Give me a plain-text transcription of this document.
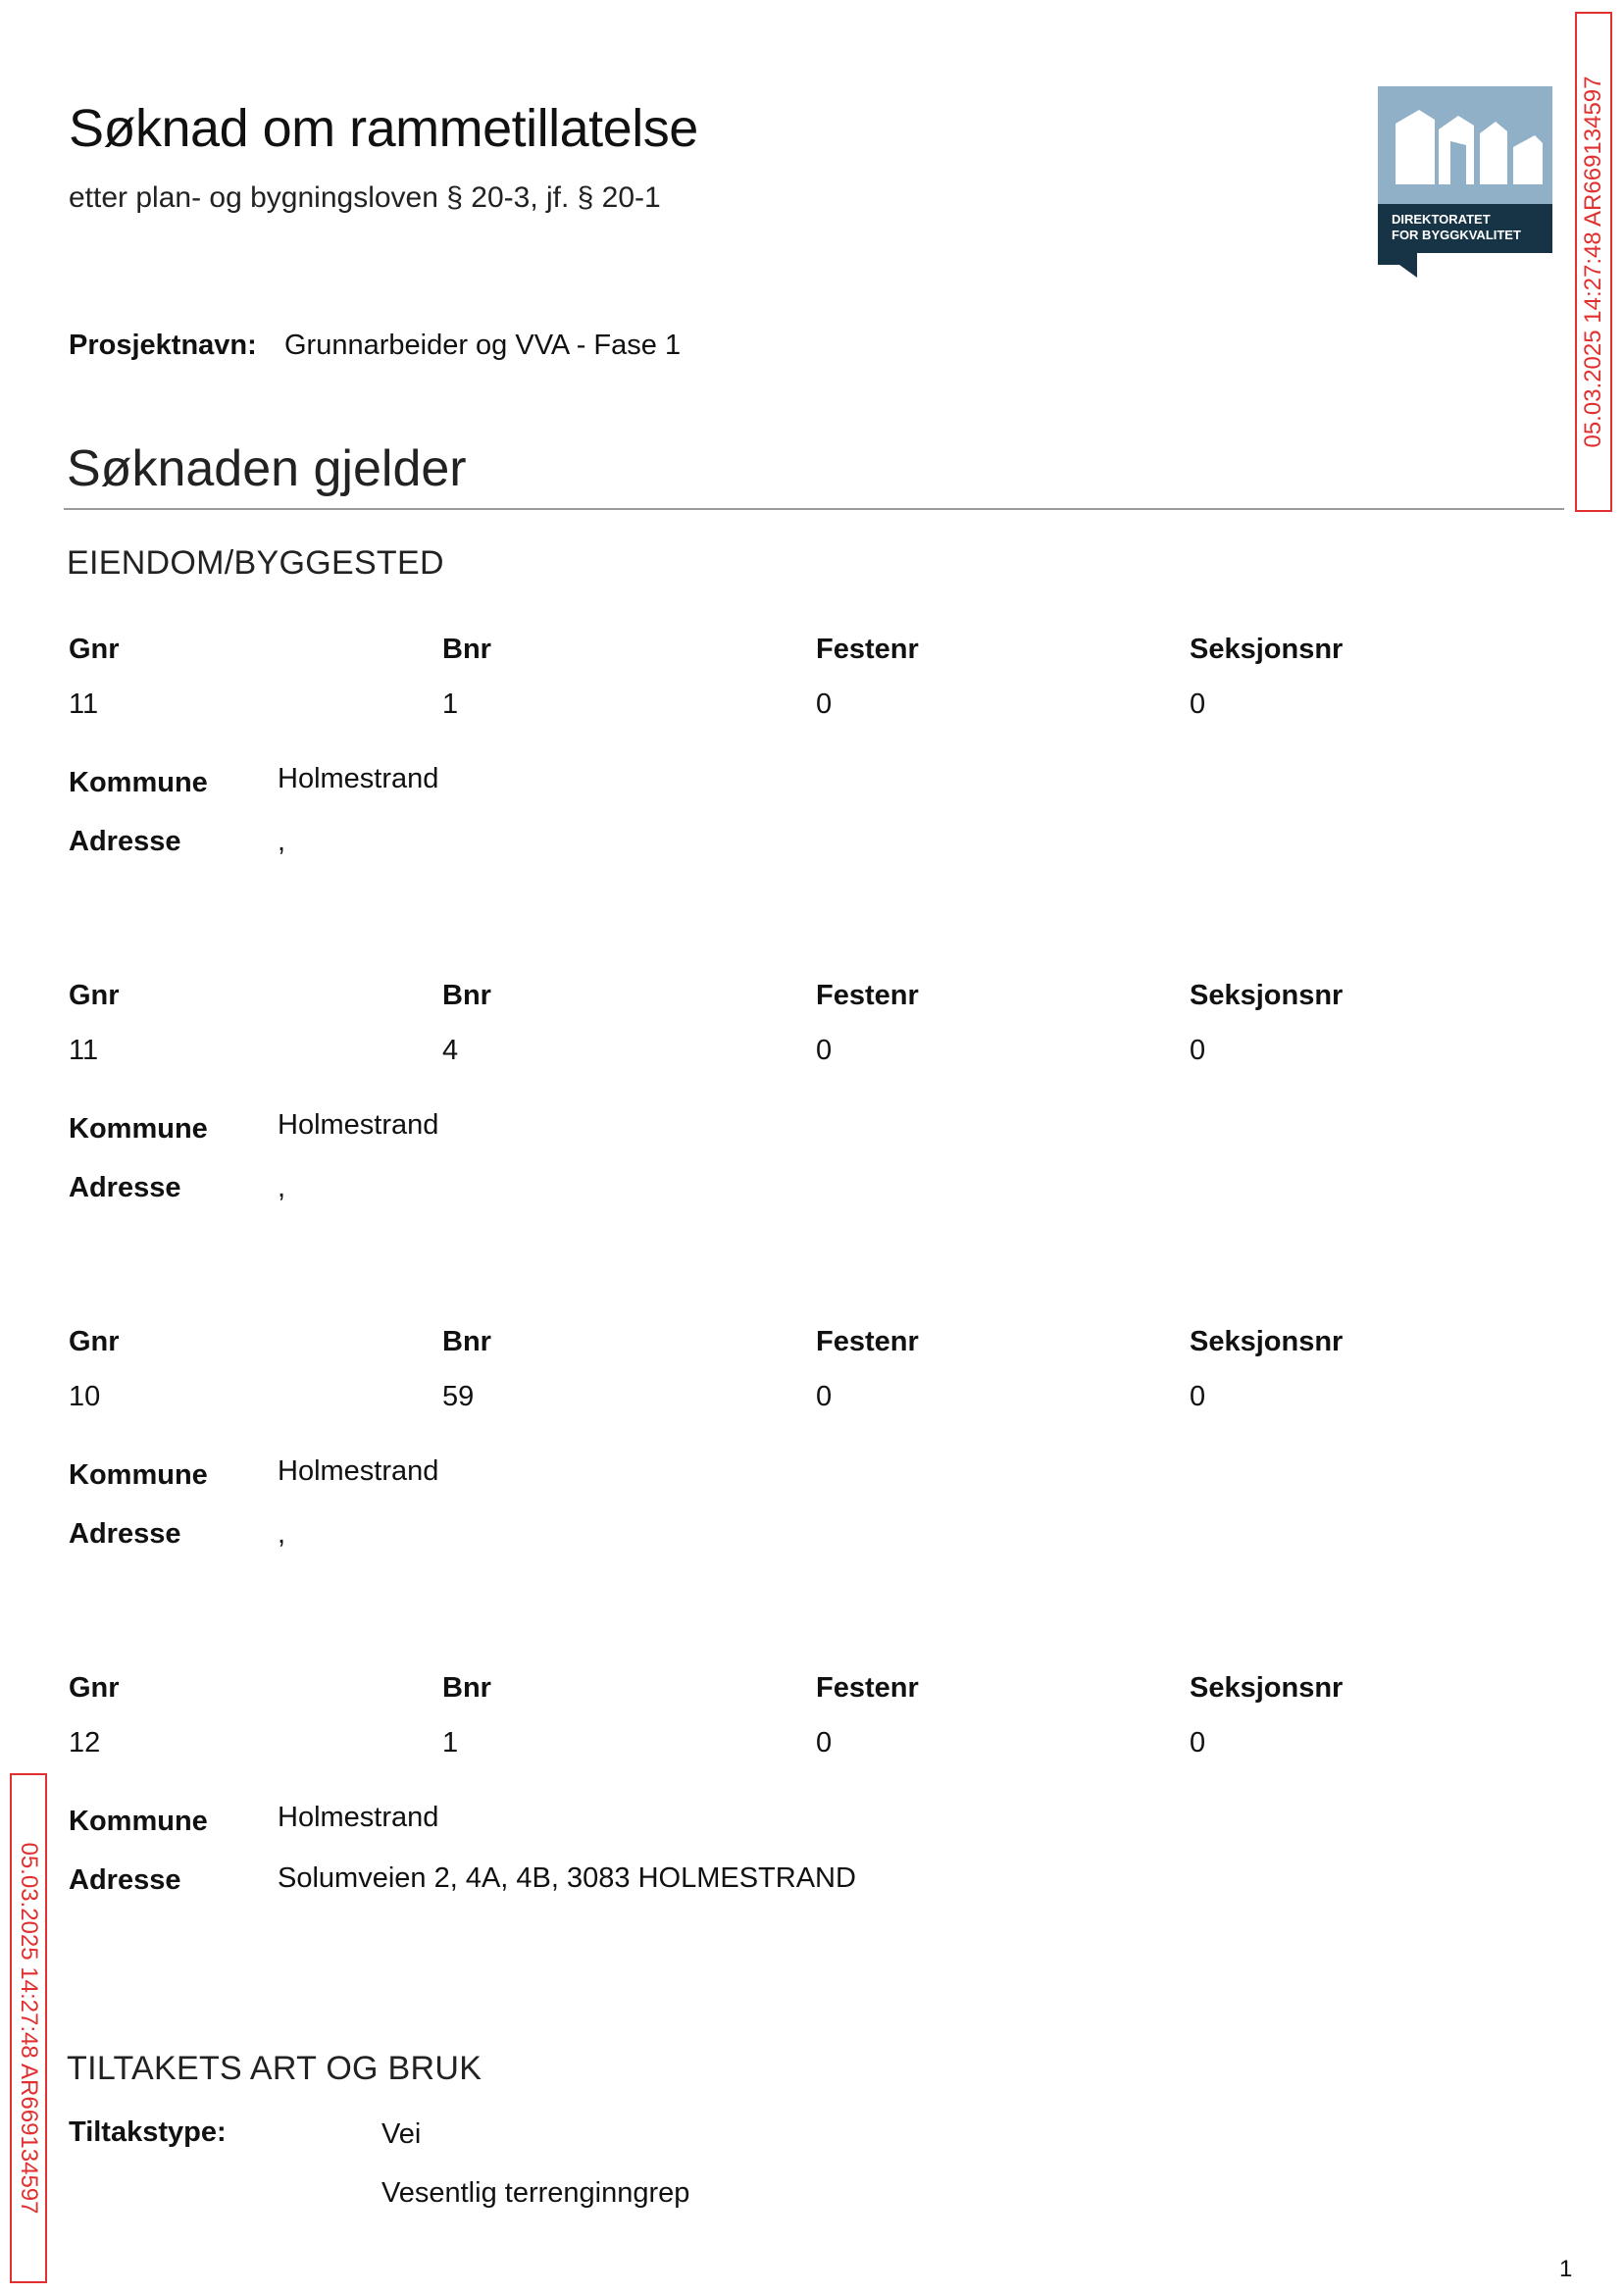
Søknad om rammetillatelse
etter plan- og bygningsloven § 20-3, jf. § 20-1
DIREKTORATET
FOR BYGGKVALITET	05.03.2025 14:27:48 AR669134597
Prosjektnavn: Grunnarbeider og VVA - Fase 1
Søknaden gjelder
EIENDOM/BYGGESTED
Gnr	Bnr	Festenr	Seksjonsnr
11	1	0	0
Kommune Holmestrand
Adresse	,
Gnr	Bnr	Festenr	Seksjonsnr
11	4	0	0
Kommune Holmestrand
Adresse	,
Gnr	Bnr	Festenr	Seksjonsnr
10	59	0	0
Kommune Holmestrand
Adresse	,
Gnr	Bnr	Festenr	Seksjonsnr
12	1	0	0
Kommune Holmestrand
Adresse	Solumveien 2, 4A, 4B, 3083 HOLMESTRAND
05.03.2025 14:27:48 AR669134597 TILTAKETS ART OG BRUK
Tiltakstype:	Vei
Vesentlig terrenginngrep
1
